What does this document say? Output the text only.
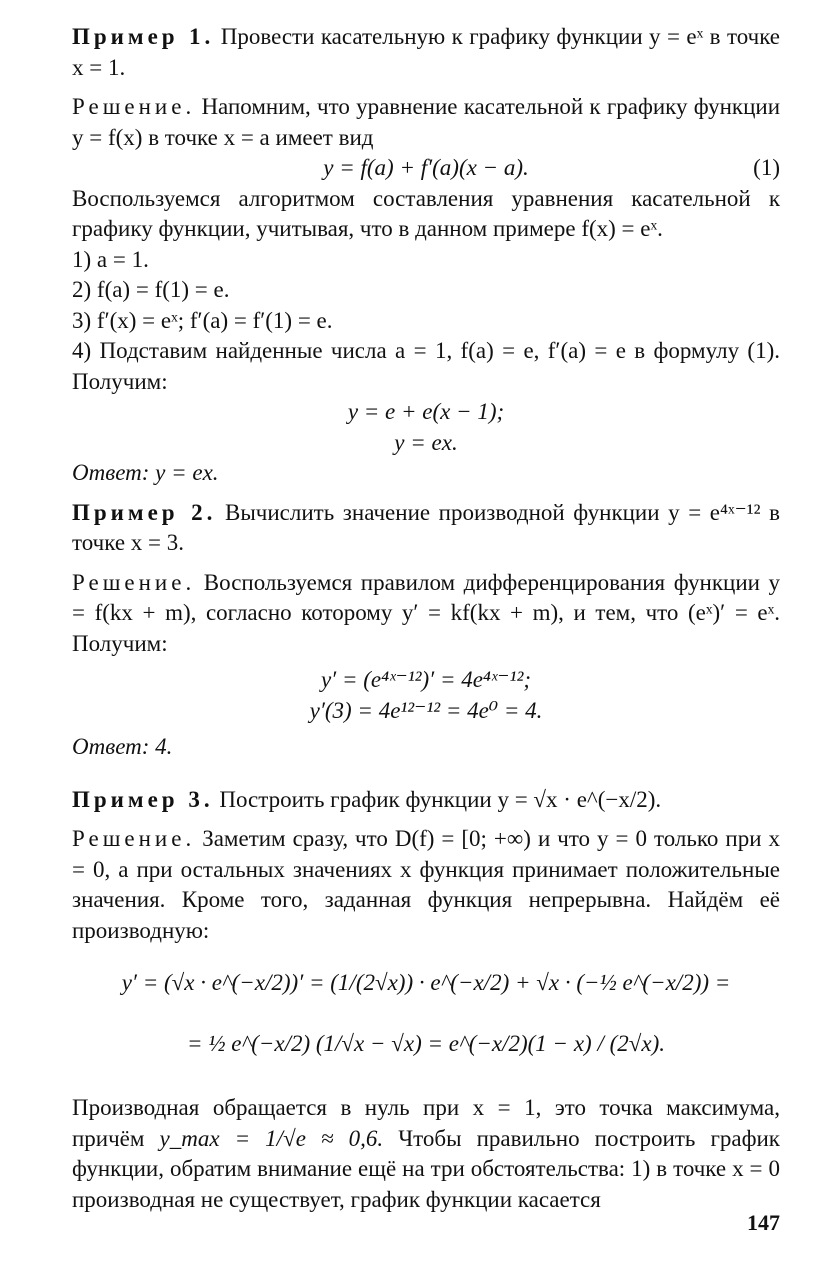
Пример 1. Провести касательную к графику функции y = eˣ в точке x = 1.

Решение. Напомним, что уравнение касательной к графику функции y = f(x) в точке x = a имеет вид

y = f(a) + f′(a)(x − a).	(1)

Воспользуемся алгоритмом составления уравнения касательной к графику функции, учитывая, что в данном примере f(x) = eˣ.

1) a = 1.

2) f(a) = f(1) = e.

3) f′(x) = eˣ; f′(a) = f′(1) = e.

4) Подставим найденные числа a = 1, f(a) = e, f′(a) = e в формулу (1). Получим:

y = e + e(x − 1);

y = ex.

Ответ: y = ex.

Пример 2. Вычислить значение производной функции y = e⁴ˣ⁻¹² в точке x = 3.

Решение. Воспользуемся правилом дифференцирования функции y = f(kx + m), согласно которому y′ = kf(kx + m), и тем, что (eˣ)′ = eˣ. Получим:

y′ = (e⁴ˣ⁻¹²)′ = 4e⁴ˣ⁻¹²;

y′(3) = 4e¹²⁻¹² = 4e⁰ = 4.

Ответ: 4.

Пример 3. Построить график функции y = √x · e^(−x/2).

Решение. Заметим сразу, что D(f) = [0; +∞) и что y = 0 только при x = 0, а при остальных значениях x функция принимает положительные значения. Кроме того, заданная функция непрерывна. Найдём её производную:

y′ = (√x · e^(−x/2))′ = (1/(2√x)) · e^(−x/2) + √x · (−½ e^(−x/2)) =

= ½ e^(−x/2) (1/√x − √x) = e^(−x/2)(1 − x) / (2√x).

Производная обращается в нуль при x = 1, это точка максимума, причём y_max = 1/√e ≈ 0,6. Чтобы правильно построить график функции, обратим внимание ещё на три обстоятельства: 1) в точке x = 0 производная не существует, график функции касается

147
